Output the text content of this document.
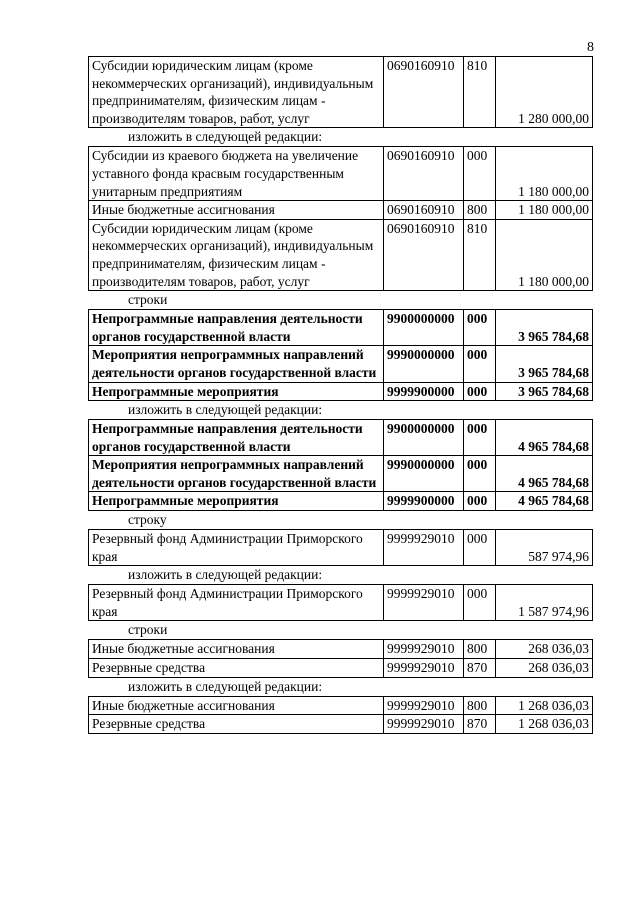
8
Субсидии юридическим лицам (кроме некоммерческих организаций), индивидуальным предпринимателям, физическим лицам - производителям товаров, работ, услуг	0690160910	810	1 280 000,00
изложить в следующей редакции:
Субсидии из краевого бюджета на увеличение уставного фонда красвым государственным унитарным предприятиям	0690160910	000	1 180 000,00
Иные бюджетные ассигнования	0690160910	800	1 180 000,00
Субсидии юридическим лицам (кроме некоммерческих организаций), индивидуальным предпринимателям, физическим лицам - производителям товаров, работ, услуг	0690160910	810	1 180 000,00
строки
Непрограммные направления деятельности органов государственной власти	9900000000	000	3 965 784,68
Мероприятия непрограммных направлений деятельности органов государственной власти	9990000000	000	3 965 784,68
Непрограммные мероприятия	9999900000	000	3 965 784,68
изложить в следующей редакции:
Непрограммные направления деятельности органов государственной власти	9900000000	000	4 965 784,68
Мероприятия непрограммных направлений деятельности органов государственной власти	9990000000	000	4 965 784,68
Непрограммные мероприятия	9999900000	000	4 965 784,68
строку
Резервный фонд Администрации Приморского края	9999929010	000	587 974,96
изложить в следующей редакции:
Резервный фонд Администрации Приморского края	9999929010	000	1 587 974,96
строки
Иные бюджетные ассигнования	9999929010	800	268 036,03
Резервные средства	9999929010	870	268 036,03
изложить в следующей редакции:
Иные бюджетные ассигнования	9999929010	800	1 268 036,03
Резервные средства	9999929010	870	1 268 036,03
